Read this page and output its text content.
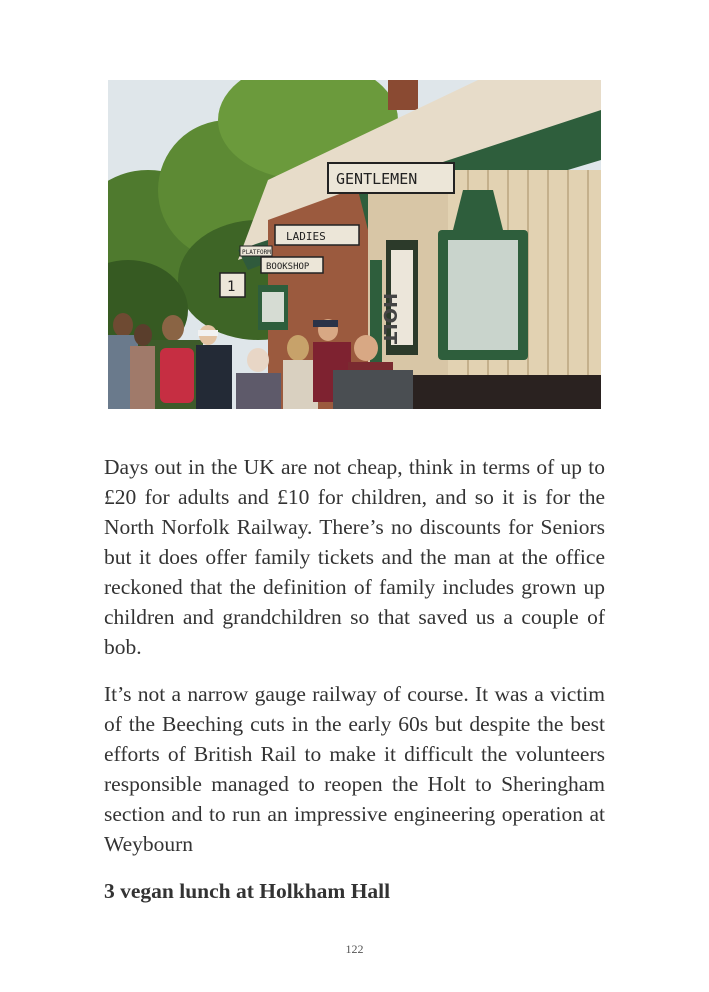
GENTLEMEN
LADIES
BOOKSHOP
PLATFORM
1
HOLT
Days out in the UK are not cheap, think in terms of up to £20 for adults and £10 for children, and so it is for the North Norfolk Railway. There’s no discounts for Seniors but it does offer family tickets and the man at the office reckoned that the definition of family includes grown up children and grandchildren so that saved us a couple of bob.
It’s not a narrow gauge railway of course. It was a victim of the Beeching cuts in the early 60s but despite the best efforts of British Rail to make it difficult the volunteers responsible managed to reopen the Holt to Sheringham section and to run an impressive engineering operation at Weybourn
3 vegan lunch at Holkham Hall
122
